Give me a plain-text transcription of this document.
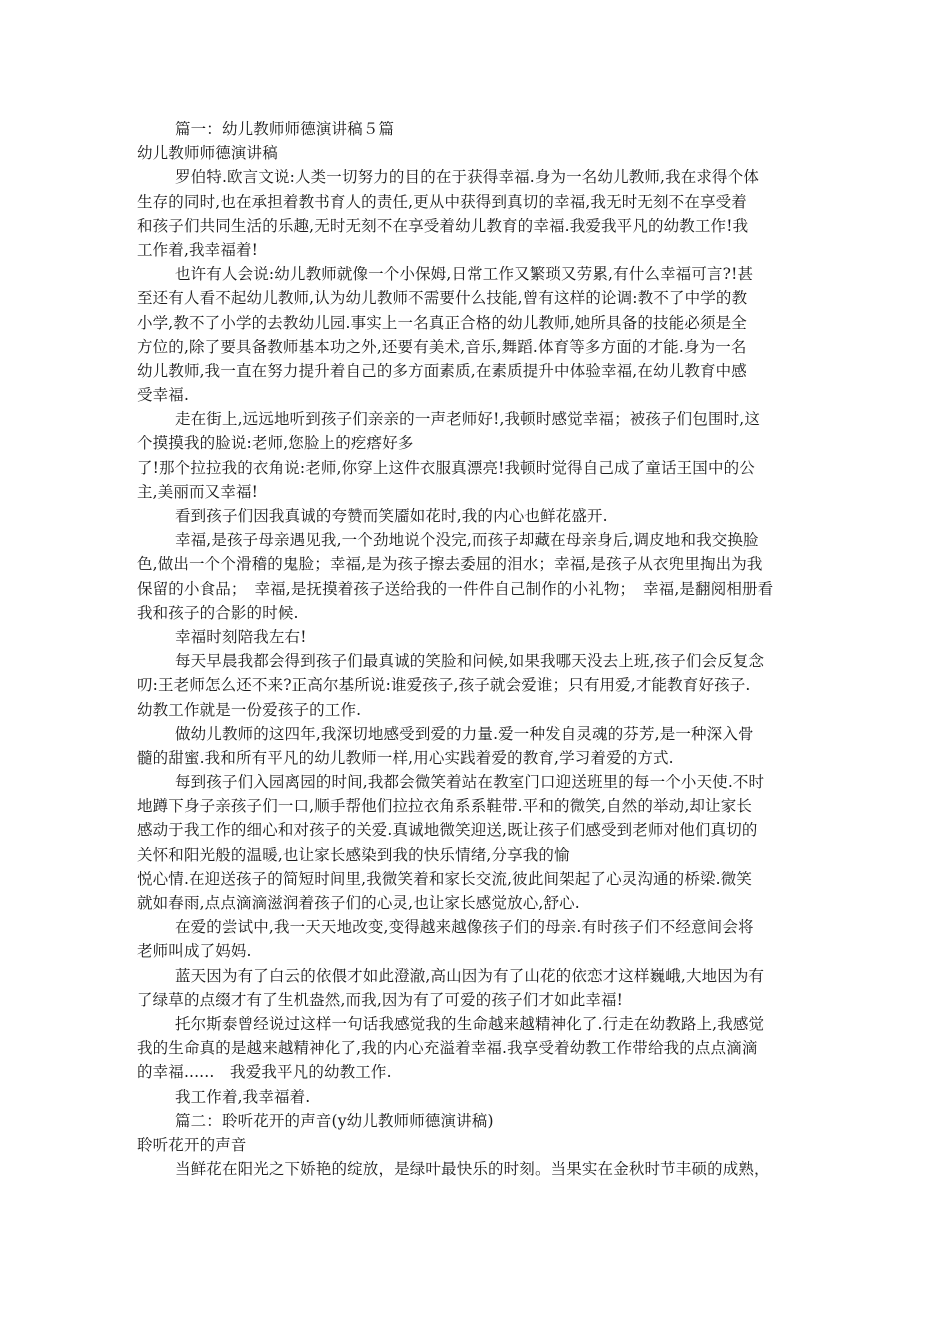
篇一：幼儿教师师德演讲稿５篇
幼儿教师师德演讲稿
罗伯特.欧言文说:人类一切努力的目的在于获得幸福.身为一名幼儿教师,我在求得个体
生存的同时,也在承担着教书育人的责任,更从中获得到真切的幸福,我无时无刻不在享受着
和孩子们共同生活的乐趣,无时无刻不在享受着幼儿教育的幸福.我爱我平凡的幼教工作!我
工作着,我幸福着!
也许有人会说:幼儿教师就像一个小保姆,日常工作又繁琐又劳累,有什么幸福可言?!甚
至还有人看不起幼儿教师,认为幼儿教师不需要什么技能,曾有这样的论调:教不了中学的教
小学,教不了小学的去教幼儿园.事实上一名真正合格的幼儿教师,她所具备的技能必须是全
方位的,除了要具备教师基本功之外,还要有美术,音乐,舞蹈.体育等多方面的才能.身为一名
幼儿教师,我一直在努力提升着自己的多方面素质,在素质提升中体验幸福,在幼儿教育中感
受幸福.
走在街上,远远地听到孩子们亲亲的一声老师好!,我顿时感觉幸福；被孩子们包围时,这
个摸摸我的脸说:老师,您脸上的疙瘩好多
了!那个拉拉我的衣角说:老师,你穿上这件衣服真漂亮!我顿时觉得自己成了童话王国中的公
主,美丽而又幸福!
看到孩子们因我真诚的夸赞而笑靥如花时,我的内心也鲜花盛开.
幸福,是孩子母亲遇见我,一个劲地说个没完,而孩子却藏在母亲身后,调皮地和我交换脸
色,做出一个个滑稽的鬼脸；幸福,是为孩子擦去委屈的泪水；幸福,是孩子从衣兜里掏出为我
保留的小食品；　幸福,是抚摸着孩子送给我的一件件自己制作的小礼物；　幸福,是翻阅相册看
我和孩子的合影的时候.
幸福时刻陪我左右!
每天早晨我都会得到孩子们最真诚的笑脸和问候,如果我哪天没去上班,孩子们会反复念
叨:王老师怎么还不来?正高尔基所说:谁爱孩子,孩子就会爱谁；只有用爱,才能教育好孩子.
幼教工作就是一份爱孩子的工作.
做幼儿教师的这四年,我深切地感受到爱的力量.爱一种发自灵魂的芬芳,是一种深入骨
髓的甜蜜.我和所有平凡的幼儿教师一样,用心实践着爱的教育,学习着爱的方式.
每到孩子们入园离园的时间,我都会微笑着站在教室门口迎送班里的每一个小天使.不时
地蹲下身子亲孩子们一口,顺手帮他们拉拉衣角系系鞋带.平和的微笑,自然的举动,却让家长
感动于我工作的细心和对孩子的关爱.真诚地微笑迎送,既让孩子们感受到老师对他们真切的
关怀和阳光般的温暖,也让家长感染到我的快乐情绪,分享我的愉
悦心情.在迎送孩子的简短时间里,我微笑着和家长交流,彼此间架起了心灵沟通的桥梁.微笑
就如春雨,点点滴滴滋润着孩子们的心灵,也让家长感觉放心,舒心.
在爱的尝试中,我一天天地改变,变得越来越像孩子们的母亲.有时孩子们不经意间会将
老师叫成了妈妈.
蓝天因为有了白云的依偎才如此澄澈,高山因为有了山花的依恋才这样巍峨,大地因为有
了绿草的点缀才有了生机盎然,而我,因为有了可爱的孩子们才如此幸福!
托尔斯泰曾经说过这样一句话我感觉我的生命越来越精神化了.行走在幼教路上,我感觉
我的生命真的是越来越精神化了,我的内心充溢着幸福.我享受着幼教工作带给我的点点滴滴
的幸福......　我爱我平凡的幼教工作.
我工作着,我幸福着.
篇二：聆听花开的声音(y幼儿教师师德演讲稿)
聆听花开的声音
当鲜花在阳光之下娇艳的绽放，是绿叶最快乐的时刻。当果实在金秋时节丰硕的成熟，
